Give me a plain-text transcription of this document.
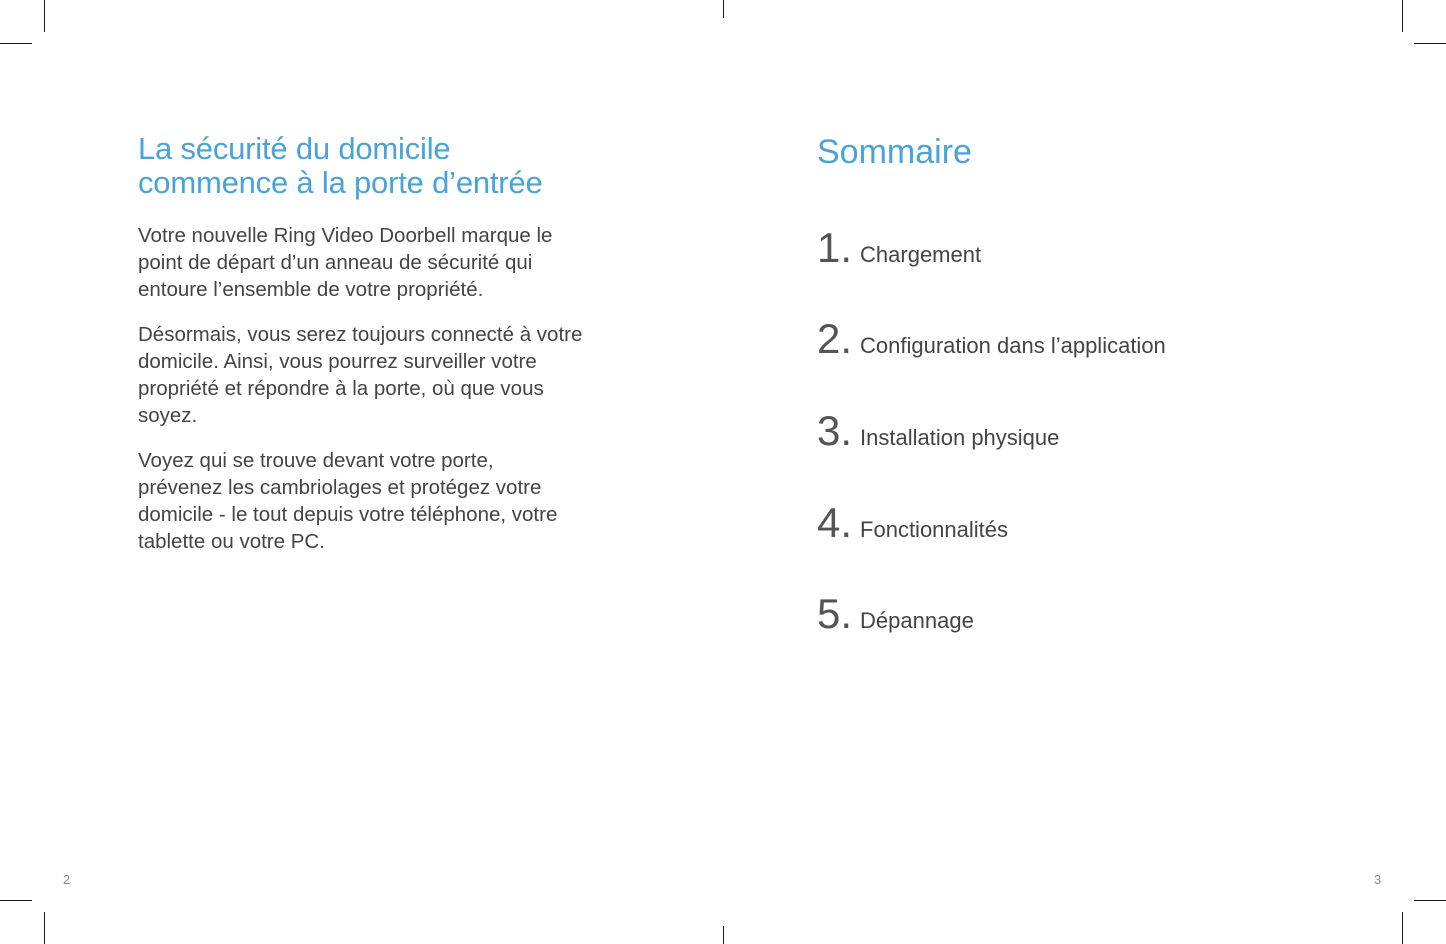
La sécurité du domicile
commence à la porte d’entrée

Votre nouvelle Ring Video Doorbell marque le
point de départ d’un anneau de sécurité qui
entoure l’ensemble de votre propriété.

Désormais, vous serez toujours connecté à votre
domicile. Ainsi, vous pourrez surveiller votre
propriété et répondre à la porte, où que vous
soyez.

Voyez qui se trouve devant votre porte,
prévenez les cambriolages et protégez votre
domicile - le tout depuis votre téléphone, votre
tablette ou votre PC.

Sommaire
1. Chargement
2. Configuration dans l’application
3. Installation physique
4. Fonctionnalités
5. Dépannage
2	3
